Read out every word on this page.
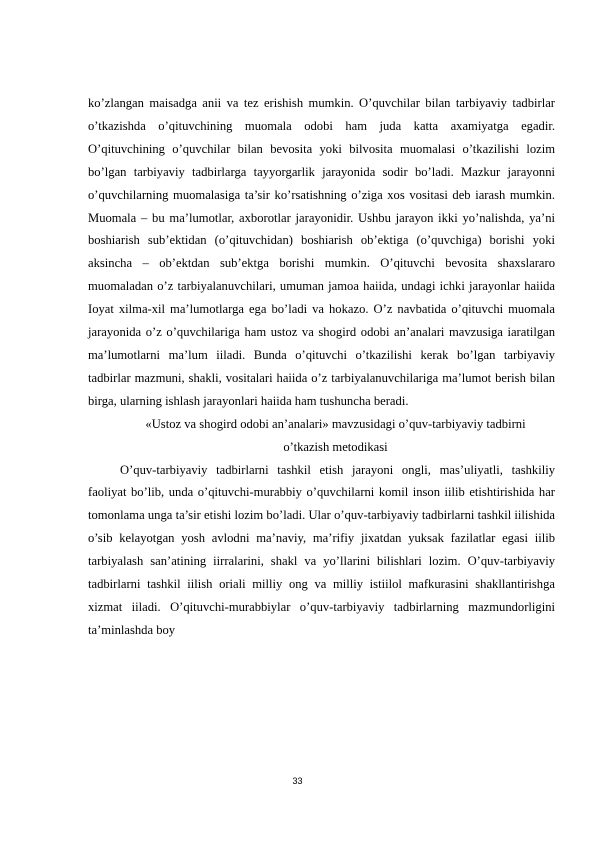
ko’zlangan maisadga anii va tez erishish mumkin. O’quvchilar bilan tarbiyaviy tadbirlar o’tkazishda o’qituvchining muomala odobi ham juda katta axamiyatga egadir. O’qituvchining o’quvchilar bilan bevosita yoki bilvosita muomalasi o’tkazilishi lozim bo’lgan tarbiyaviy tadbirlarga tayyorgarlik jarayonida sodir bo’ladi. Mazkur jarayonni o’quvchilarning muomalasiga ta’sir ko’rsatishning o’ziga xos vositasi deb iarash mumkin. Muomala – bu ma’lumotlar, axborotlar jarayonidir. Ushbu jarayon ikki yo’nalishda, ya’ni boshiarish sub’ektidan (o’qituvchidan) boshiarish ob’ektiga (o’quvchiga) borishi yoki aksincha – ob’ektdan sub’ektga borishi mumkin. O’qituvchi bevosita shaxslararo muomaladan o’z tarbiyalanuvchilari, umuman jamoa haiida, undagi ichki jarayonlar haiida Ioyat xilma-xil ma’lumotlarga ega bo’ladi va hokazo. O’z navbatida o’qituvchi muomala jarayonida o’z o’quvchilariga ham ustoz va shogird odobi an’analari mavzusiga iaratilgan ma’lumotlarni ma’lum iiladi. Bunda o’qituvchi o’tkazilishi kerak bo’lgan tarbiyaviy tadbirlar mazmuni, shakli, vositalari haiida o’z tarbiyalanuvchilariga ma’lumot berish bilan birga, ularning ishlash jarayonlari haiida ham tushuncha beradi.

«Ustoz va shogird odobi an’analari» mavzusidagi o’quv-tarbiyaviy tadbirni

o’tkazish metodikasi

O’quv-tarbiyaviy tadbirlarni tashkil etish jarayoni ongli, mas’uliyatli, tashkiliy faoliyat bo’lib, unda o’qituvchi-murabbiy o’quvchilarni komil inson iilib etishtirishida har tomonlama unga ta’sir etishi lozim bo’ladi. Ular o’quv-tarbiyaviy tadbirlarni tashkil iilishida o’sib kelayotgan yosh avlodni ma’naviy, ma’rifiy jixatdan yuksak fazilatlar egasi iilib tarbiyalash san’atining iirralarini, shakl va yo’llarini bilishlari lozim. O’quv-tarbiyaviy tadbirlarni tashkil iilish oriali milliy ong va milliy istiilol mafkurasini shakllantirishga xizmat iiladi. O’qituvchi-murabbiylar o’quv-tarbiyaviy tadbirlarning mazmundorligini ta’minlashda boy

33
